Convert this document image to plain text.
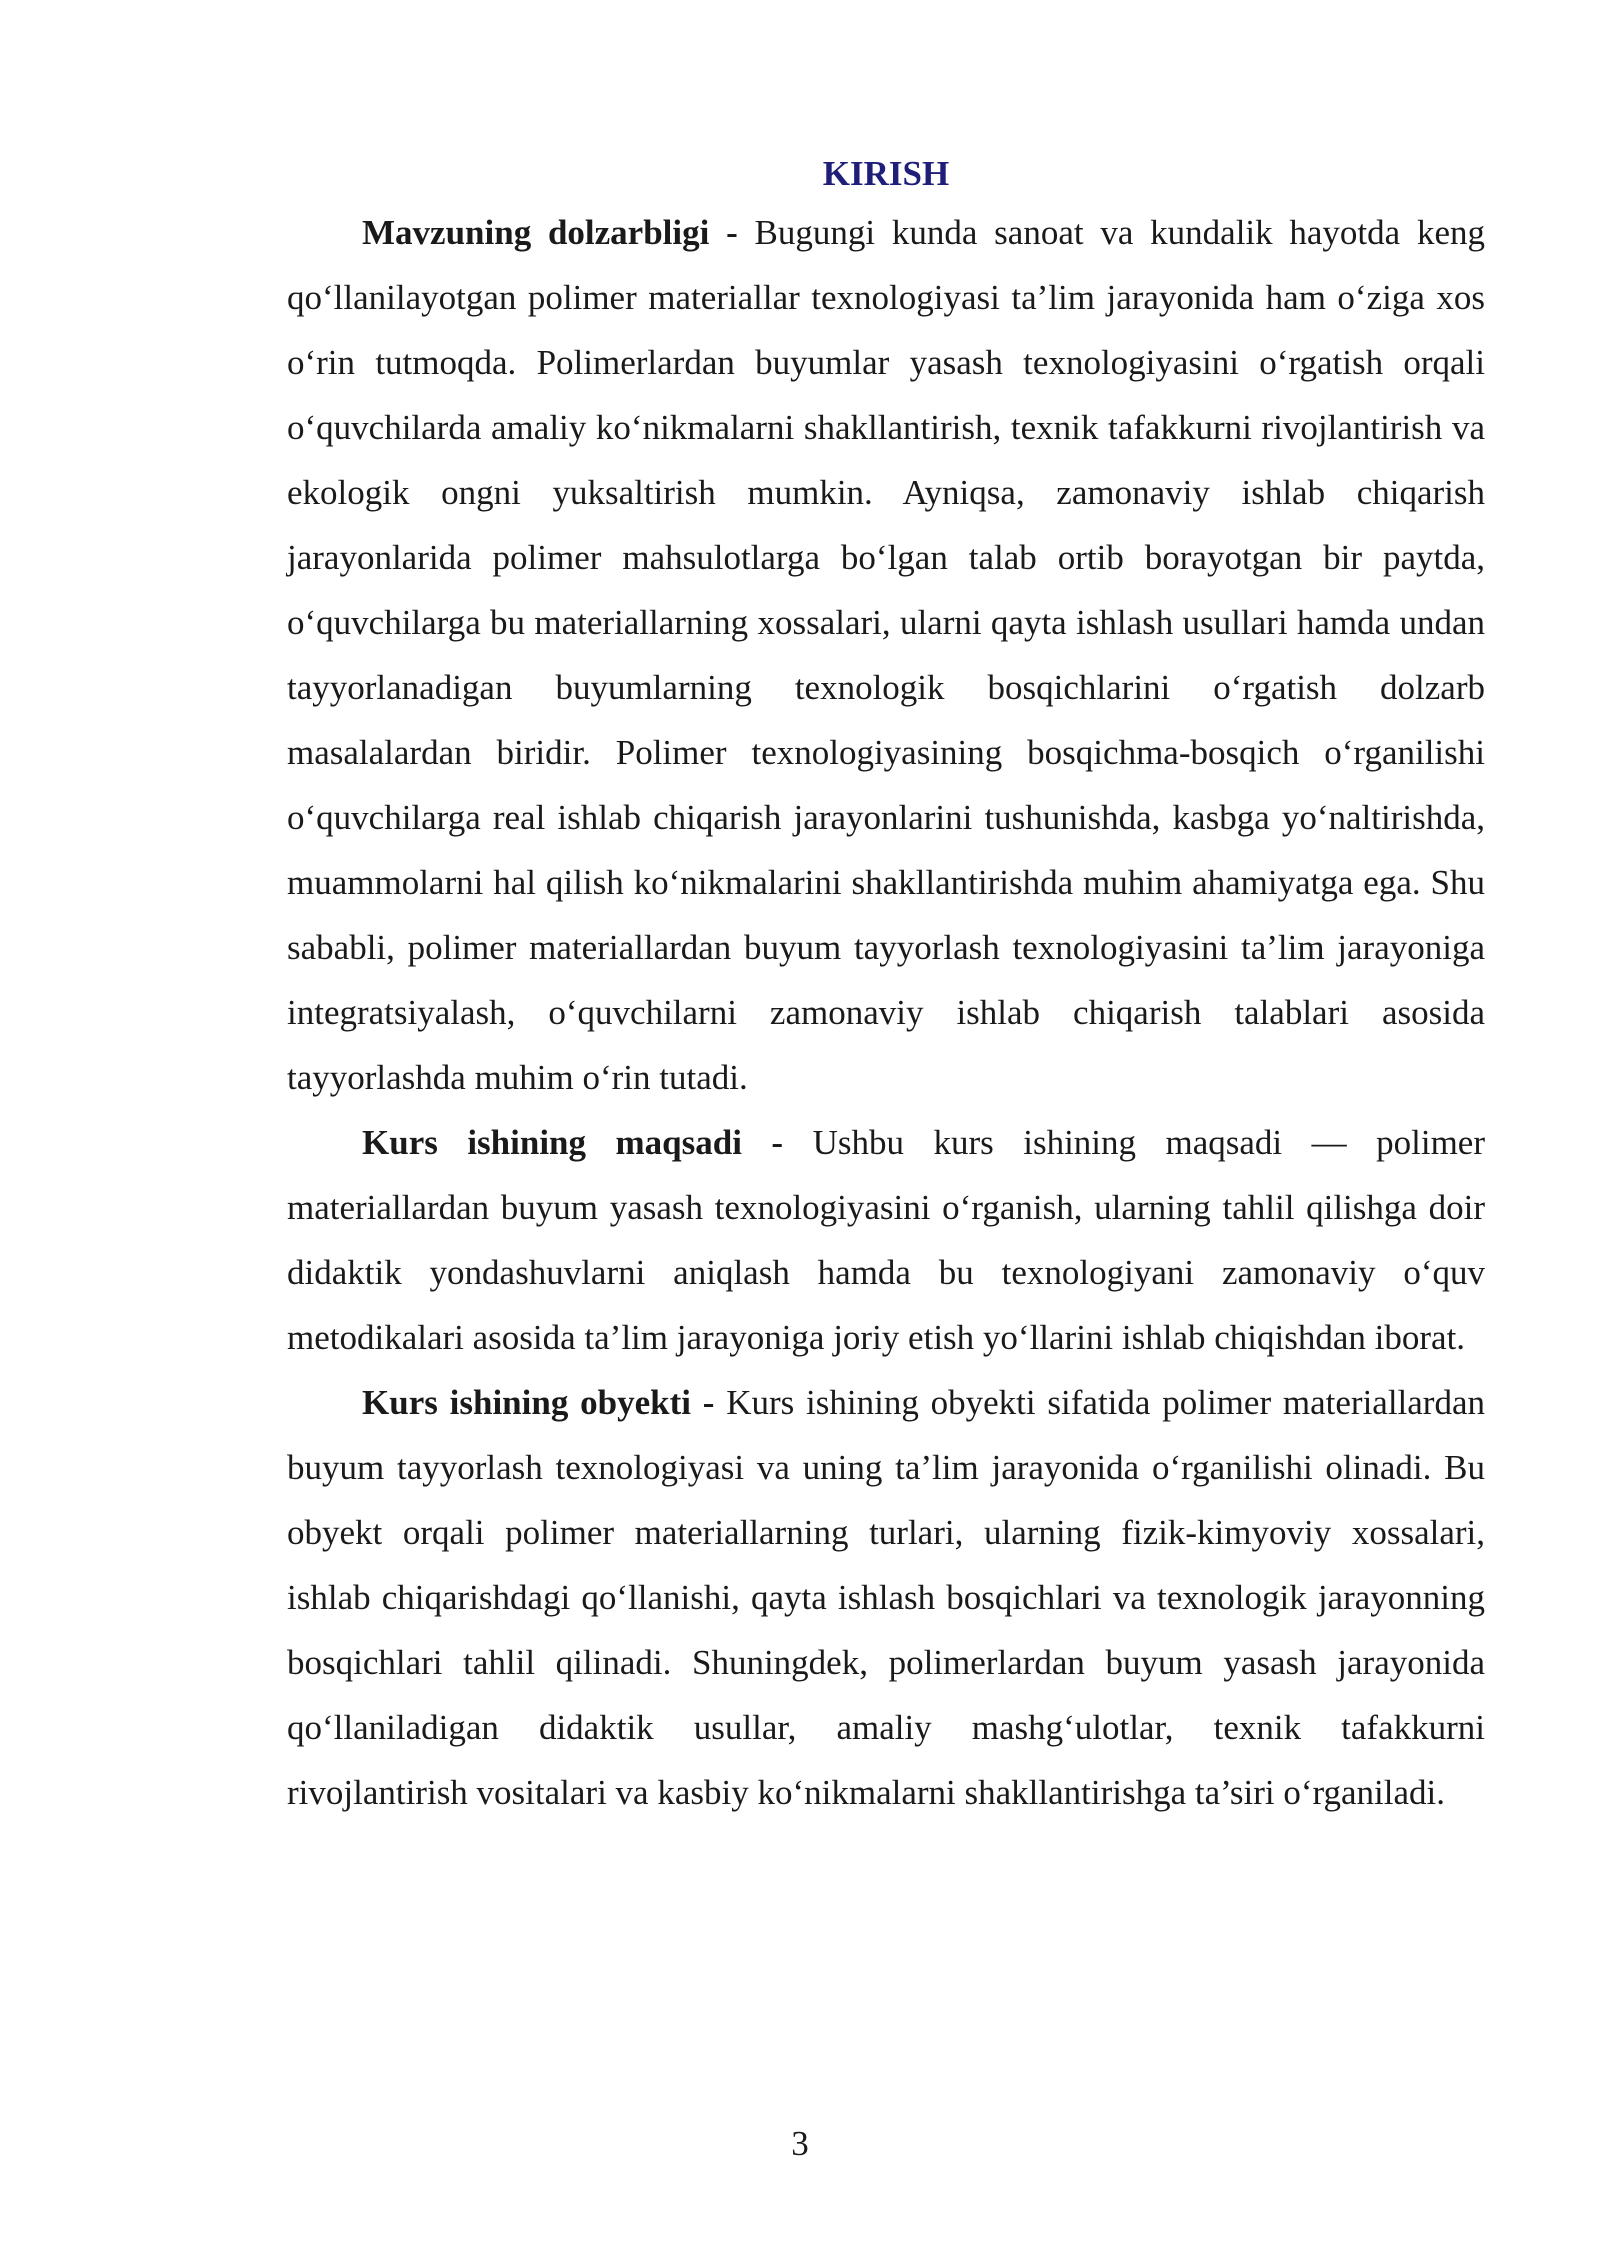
KIRISH

Mavzuning dolzarbligi - Bugungi kunda sanoat va kundalik hayotda keng qo‘llanilayotgan polimer materiallar texnologiyasi ta’lim jarayonida ham o‘ziga xos o‘rin tutmoqda. Polimerlardan buyumlar yasash texnologiyasini o‘rgatish orqali o‘quvchilarda amaliy ko‘nikmalarni shakllantirish, texnik tafakkurni rivojlantirish va ekologik ongni yuksaltirish mumkin. Ayniqsa, zamonaviy ishlab chiqarish jarayonlarida polimer mahsulotlarga bo‘lgan talab ortib borayotgan bir paytda, o‘quvchilarga bu materiallarning xossalari, ularni qayta ishlash usullari hamda undan tayyorlanadigan buyumlarning texnologik bosqichlarini o‘rgatish dolzarb masalalardan biridir. Polimer texnologiyasining bosqichma-bosqich o‘rganilishi o‘quvchilarga real ishlab chiqarish jarayonlarini tushunishda, kasbga yo‘naltirishda, muammolarni hal qilish ko‘nikmalarini shakllantirishda muhim ahamiyatga ega. Shu sababli, polimer materiallardan buyum tayyorlash texnologiyasini ta’lim jarayoniga integratsiyalash, o‘quvchilarni zamonaviy ishlab chiqarish talablari asosida tayyorlashda muhim o‘rin tutadi.

Kurs ishining maqsadi - Ushbu kurs ishining maqsadi — polimer materiallardan buyum yasash texnologiyasini o‘rganish, ularning tahlil qilishga doir didaktik yondashuvlarni aniqlash hamda bu texnologiyani zamonaviy o‘quv metodikalari asosida ta’lim jarayoniga joriy etish yo‘llarini ishlab chiqishdan iborat.

Kurs ishining obyekti - Kurs ishining obyekti sifatida polimer materiallardan buyum tayyorlash texnologiyasi va uning ta’lim jarayonida o‘rganilishi olinadi. Bu obyekt orqali polimer materiallarning turlari, ularning fizik-kimyoviy xossalari, ishlab chiqarishdagi qo‘llanishi, qayta ishlash bosqichlari va texnologik jarayonning bosqichlari tahlil qilinadi. Shuningdek, polimerlardan buyum yasash jarayonida qo‘llaniladigan didaktik usullar, amaliy mashg‘ulotlar, texnik tafakkurni rivojlantirish vositalari va kasbiy ko‘nikmalarni shakllantirishga ta’siri o‘rganiladi.

3
